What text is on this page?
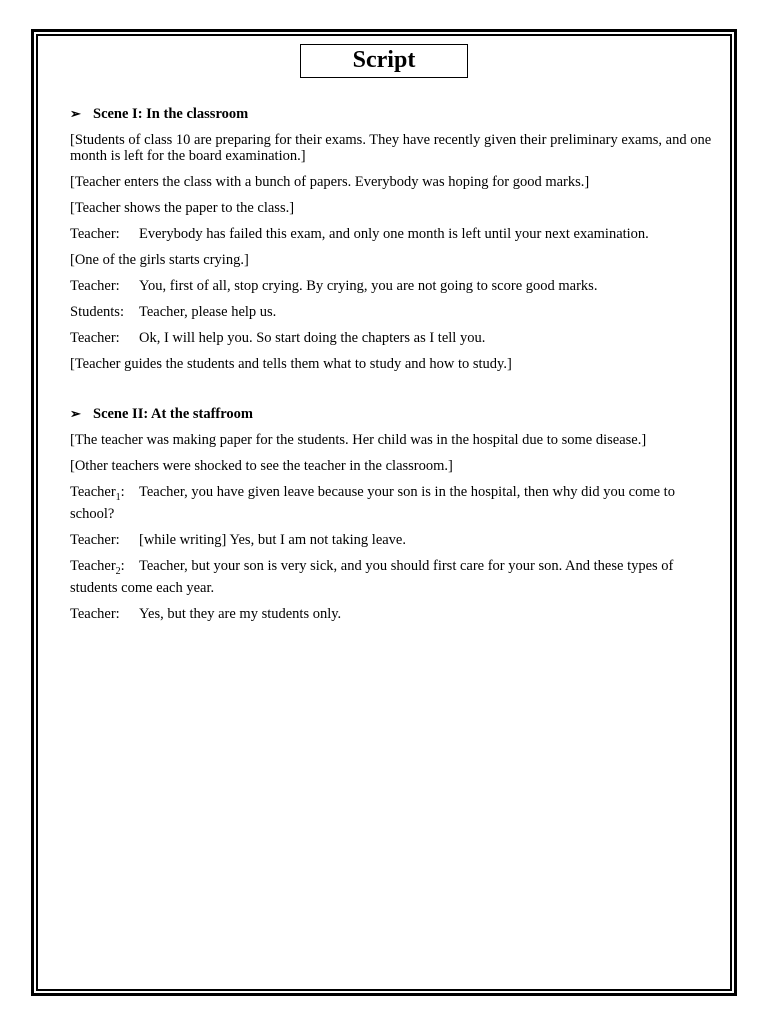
Script
➢ Scene I: In the classroom
[Students of class 10 are preparing for their exams. They have recently given their preliminary exams, and one month is left for the board examination.]
[Teacher enters the class with a bunch of papers. Everybody was hoping for good marks.]
[Teacher shows the paper to the class.]
Teacher: Everybody has failed this exam, and only one month is left until your next examination.
[One of the girls starts crying.]
Teacher: You, first of all, stop crying. By crying, you are not going to score good marks.
Students: Teacher, please help us.
Teacher: Ok, I will help you. So start doing the chapters as I tell you.
[Teacher guides the students and tells them what to study and how to study.]
➢ Scene II: At the staffroom
[The teacher was making paper for the students. Her child was in the hospital due to some disease.]
[Other teachers were shocked to see the teacher in the classroom.]
Teacher$_1$: Teacher, you have given leave because your son is in the hospital, then why did you come to school?
Teacher: [while writing] Yes, but I am not taking leave.
Teacher$_2$: Teacher, but your son is very sick, and you should first care for your son. And these types of students come each year.
Teacher: Yes, but they are my students only.
